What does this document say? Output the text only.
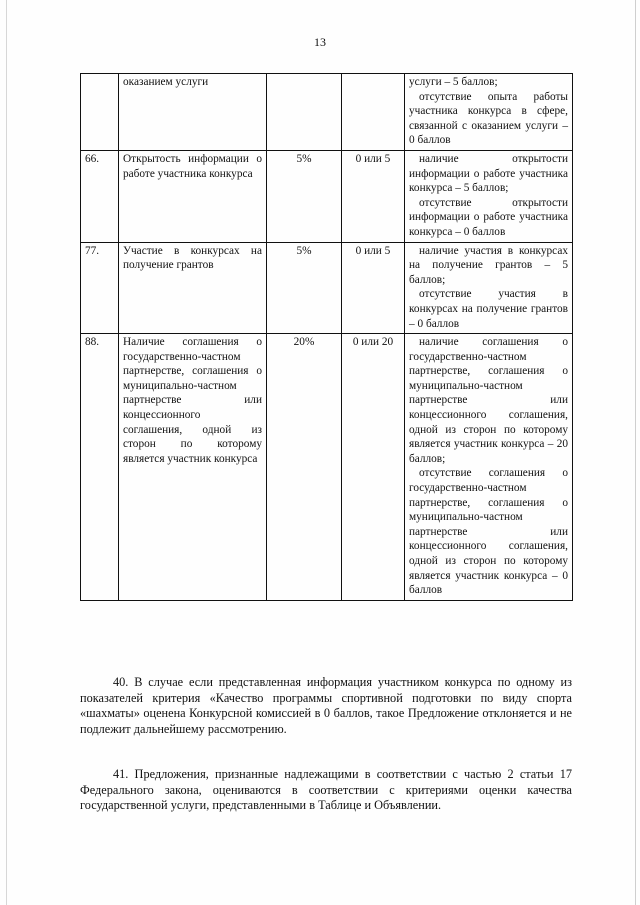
13
	оказанием услуги			услуги – 5 баллов;
отсутствие опыта работы участника конкурса в сфере, связанной с оказанием услуги – 0 баллов

66.	Открытость информации о работе участника конкурса	5%	0 или 5	наличие открытости информации о работе участника конкурса – 5 баллов;
отсутствие открытости информации о работе участника конкурса – 0 баллов

77.	Участие в конкурсах на получение грантов	5%	0 или 5	наличие участия в конкурсах на получение грантов – 5 баллов;
отсутствие участия в конкурсах на получение грантов – 0 баллов

88.	Наличие соглашения о государственно-частном партнерстве, соглашения о муниципально-частном партнерстве или концессионного соглашения, одной из сторон по которому является участник конкурса	20%	0 или 20	наличие соглашения о государственно-частном партнерстве, соглашения о муниципально-частном партнерстве или концессионного соглашения, одной из сторон по которому является участник конкурса – 20 баллов;
отсутствие соглашения о государственно-частном партнерстве, соглашения о муниципально-частном партнерстве или концессионного соглашения, одной из сторон по которому является участник конкурса – 0 баллов

40. В случае если представленная информация участником конкурса по одному из показателей критерия «Качество программы спортивной подготовки по виду спорта «шахматы» оценена Конкурсной комиссией в 0 баллов, такое Предложение отклоняется и не подлежит дальнейшему рассмотрению.

41. Предложения, признанные надлежащими в соответствии с частью 2 статьи 17 Федерального закона, оцениваются в соответствии с критериями оценки качества государственной услуги, представленными в Таблице и Объявлении.
